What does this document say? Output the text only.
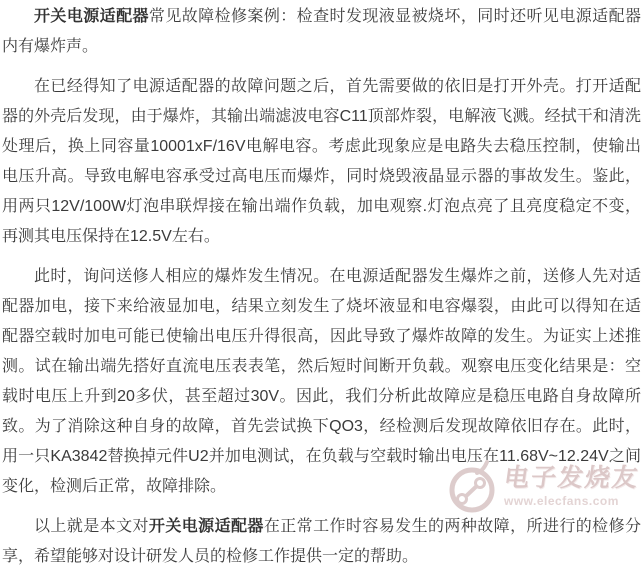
开关电源适配器常见故障检修案例：检查时发现液显被烧坏，同时还听见电源适配器内有爆炸声。

在已经得知了电源适配器的故障问题之后，首先需要做的依旧是打开外壳。打开适配器的外壳后发现，由于爆炸，其输出端滤波电容C11顶部炸裂，电解液飞溅。经拭干和清洗处理后，换上同容量10001xF/16V电解电容。考虑此现象应是电路失去稳压控制，使输出电压升高。导致电解电容承受过高电压而爆炸，同时烧毁液晶显示器的事故发生。鉴此，用两只12V/100W灯泡串联焊接在输出端作负载，加电观察.灯泡点亮了且亮度稳定不变，再测其电压保持在12.5V左右。

此时，询问送修人相应的爆炸发生情况。在电源适配器发生爆炸之前，送修人先对适配器加电，接下来给液显加电，结果立刻发生了烧坏液显和电容爆裂，由此可以得知在适配器空载时加电可能已使输出电压升得很高，因此导致了爆炸故障的发生。为证实上述推测。试在输出端先搭好直流电压表表笔，然后短时间断开负载。观察电压变化结果是：空载时电压上升到20多伏，甚至超过30V。因此，我们分析此故障应是稳压电路自身故障所致。为了消除这种自身的故障，首先尝试换下QO3，经检测后发现故障依旧存在。此时，用一只KA3842替换掉元件U2并加电测试，在负载与空载时输出电压在11.68V~12.24V之间变化，检测后正常，故障排除。

以上就是本文对开关电源适配器在正常工作时容易发生的两种故障，所进行的检修分享，希望能够对设计研发人员的检修工作提供一定的帮助。

电子发烧友
www.elecfans.com
